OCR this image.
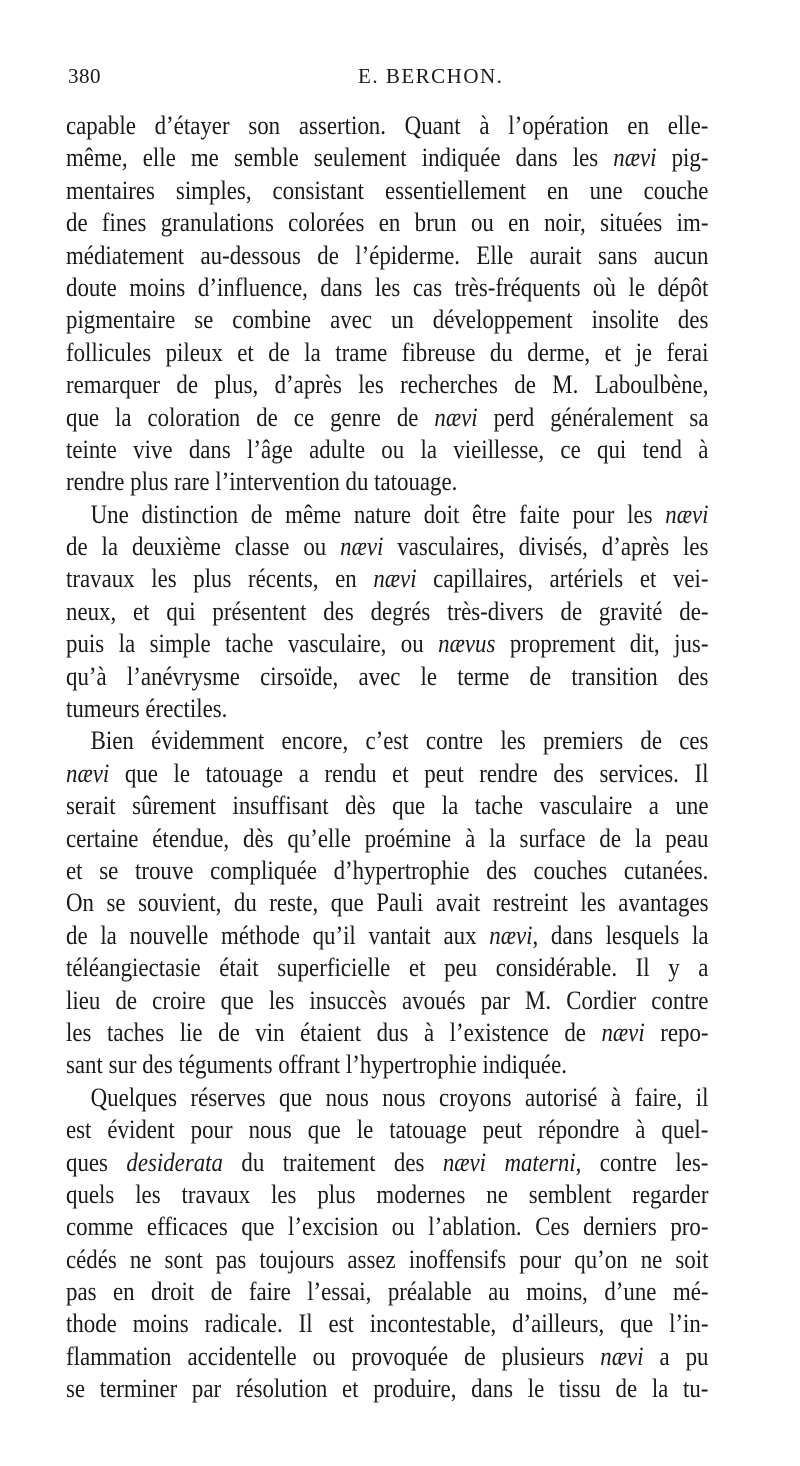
380	E. BERCHON.
capable d’étayer son assertion. Quant à l’opération en elle-
même, elle me semble seulement indiquée dans les nævi pig-
mentaires simples, consistant essentiellement en une couche
de fines granulations colorées en brun ou en noir, situées im-
médiatement au-dessous de l’épiderme. Elle aurait sans aucun
doute moins d’influence, dans les cas très-fréquents où le dépôt
pigmentaire se combine avec un développement insolite des
follicules pileux et de la trame fibreuse du derme, et je ferai
remarquer de plus, d’après les recherches de M. Laboulbène,
que la coloration de ce genre de nævi perd généralement sa
teinte vive dans l’âge adulte ou la vieillesse, ce qui tend à
rendre plus rare l’intervention du tatouage.
Une distinction de même nature doit être faite pour les nævi
de la deuxième classe ou nævi vasculaires, divisés, d’après les
travaux les plus récents, en nævi capillaires, artériels et vei-
neux, et qui présentent des degrés très-divers de gravité de-
puis la simple tache vasculaire, ou nævus proprement dit, jus-
qu’à l’anévrysme cirsoïde, avec le terme de transition des
tumeurs érectiles.
Bien évidemment encore, c’est contre les premiers de ces
nævi que le tatouage a rendu et peut rendre des services. Il
serait sûrement insuffisant dès que la tache vasculaire a une
certaine étendue, dès qu’elle proémine à la surface de la peau
et se trouve compliquée d’hypertrophie des couches cutanées.
On se souvient, du reste, que Pauli avait restreint les avantages
de la nouvelle méthode qu’il vantait aux nævi, dans lesquels la
téléangiectasie était superficielle et peu considérable. Il y a
lieu de croire que les insuccès avoués par M. Cordier contre
les taches lie de vin étaient dus à l’existence de nævi repo-
sant sur des téguments offrant l’hypertrophie indiquée.
Quelques réserves que nous nous croyons autorisé à faire, il
est évident pour nous que le tatouage peut répondre à quel-
ques desiderata du traitement des nævi materni, contre les-
quels les travaux les plus modernes ne semblent regarder
comme efficaces que l’excision ou l’ablation. Ces derniers pro-
cédés ne sont pas toujours assez inoffensifs pour qu’on ne soit
pas en droit de faire l’essai, préalable au moins, d’une mé-
thode moins radicale. Il est incontestable, d’ailleurs, que l’in-
flammation accidentelle ou provoquée de plusieurs nævi a pu
se terminer par résolution et produire, dans le tissu de la tu-
